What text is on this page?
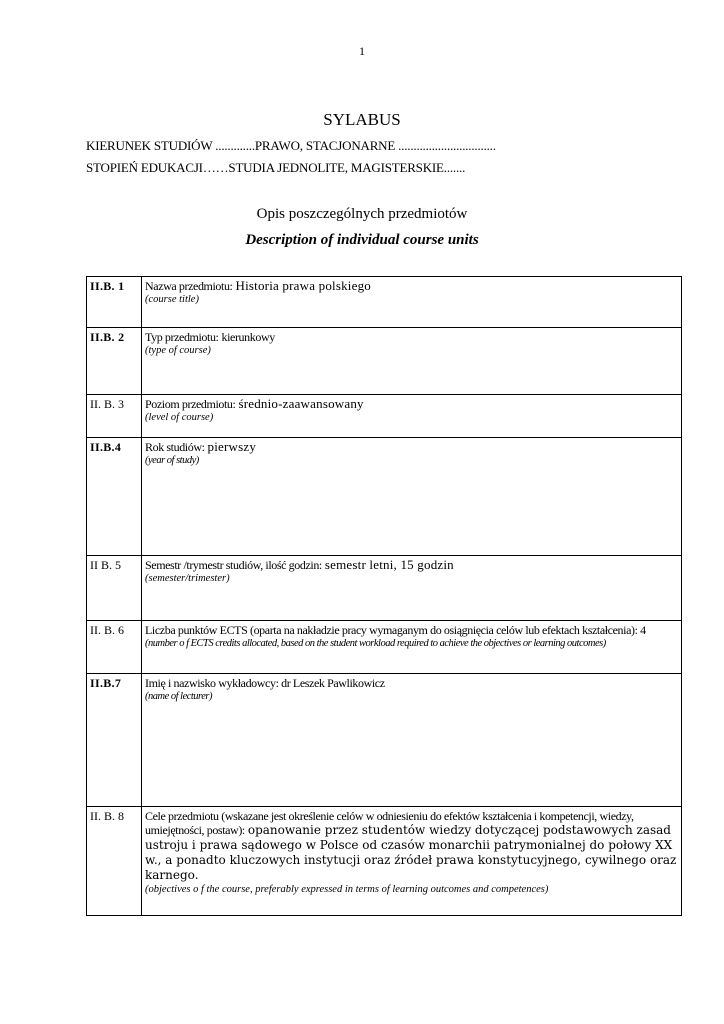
1
SYLABUS
KIERUNEK STUDIÓW .............PRAWO, STACJONARNE ................................
STOPIEŃ EDUKACJI……STUDIA JEDNOLITE, MAGISTERSKIE.......
Opis poszczególnych przedmiotów
Description of individual course units
II.B. 1	Nazwa przedmiotu: Historia prawa polskiego
(course title)

II.B. 2	Typ przedmiotu: kierunkowy
(type of course)

II. B. 3	Poziom przedmiotu: średnio-zaawansowany
(level of course)

II.B.4	Rok studiów: pierwszy
(year of study)

II B. 5	Semestr /trymestr studiów, ilość godzin: semestr letni, 15 godzin
(semester/trimester)

II. B. 6	Liczba punktów ECTS (oparta na nakładzie pracy wymaganym do osiągnięcia celów lub efektach kształcenia): 4
(number o f ECTS credits allocated, based on the student workload required to achieve the objectives or learning outcomes)

II.B.7	Imię i nazwisko wykładowcy: dr Leszek Pawlikowicz
(name of lecturer)

II. B. 8	Cele przedmiotu (wskazane jest określenie celów w odniesieniu do efektów kształcenia i kompetencji, wiedzy, umiejętności, postaw): opanowanie przez studentów wiedzy dotyczącej podstawowych zasad ustroju i prawa sądowego w Polsce od czasów monarchii patrymonialnej do połowy XX w., a ponadto kluczowych instytucji oraz źródeł prawa konstytucyjnego, cywilnego oraz karnego.
(objectives o f the course, preferably expressed in terms of learning outcomes and competences)
